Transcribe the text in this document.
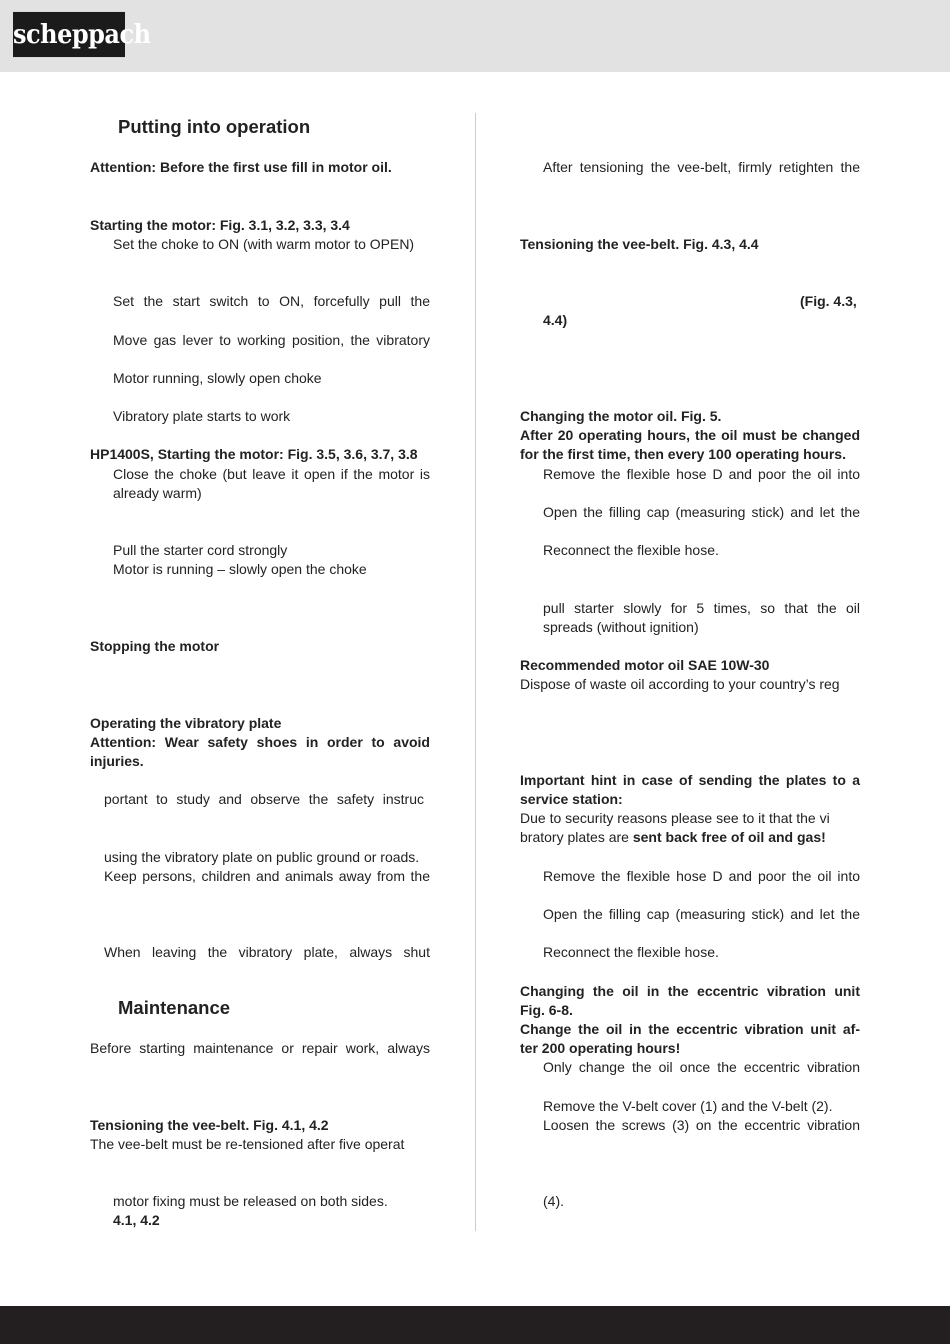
scheppach

Putting into operation

Attention: Before the first use fill in motor oil.

Starting the motor: Fig. 3.1, 3.2, 3.3, 3.4

Set the choke to ON (with warm motor to OPEN)

Set the start switch to ON, forcefully pull the

Move gas lever to working position, the vibratory

Motor running, slowly open choke

Vibratory plate starts to work

HP1400S, Starting the motor: Fig. 3.5, 3.6, 3.7, 3.8

Close the choke (but leave it open if the motor is

already warm)

Pull the starter cord strongly

Motor is running – slowly open the choke

Stopping the motor

Operating the vibratory plate

Attention: Wear safety shoes in order to avoid

injuries.

portant to study and observe the safety instruc

using the vibratory plate on public ground or roads.

Keep persons, children and animals away from the

When leaving the vibratory plate, always shut

Maintenance

Before starting maintenance or repair work, always

Tensioning the vee-belt. Fig. 4.1, 4.2

The vee-belt must be re-tensioned after five operat

motor fixing must be released on both sides.

4.1, 4.2

After tensioning the vee-belt, firmly retighten the

Tensioning the vee-belt. Fig. 4.3, 4.4

(Fig. 4.3,

4.4)

Changing the motor oil. Fig. 5.

After 20 operating hours, the oil must be changed

for the first time, then every 100 operating hours.

Remove the flexible hose D and poor the oil into

Open the filling cap (measuring stick) and let the

Reconnect the flexible hose.

pull starter slowly for 5 times, so that the oil

spreads (without ignition)

Recommended motor oil SAE 10W-30

Dispose of waste oil according to your country’s reg

Important hint in case of sending the plates to a

service station:

Due to security reasons please see to it that the vi

bratory plates are sent back free of oil and gas!

Remove the flexible hose D and poor the oil into

Open the filling cap (measuring stick) and let the

Reconnect the flexible hose.

Changing the oil in the eccentric vibration unit

Fig. 6-8.

Change the oil in the eccentric vibration unit af-

ter 200 operating hours!

Only change the oil once the eccentric vibration

Remove the V-belt cover (1) and the V-belt (2).

Loosen the screws (3) on the eccentric vibration

(4).
